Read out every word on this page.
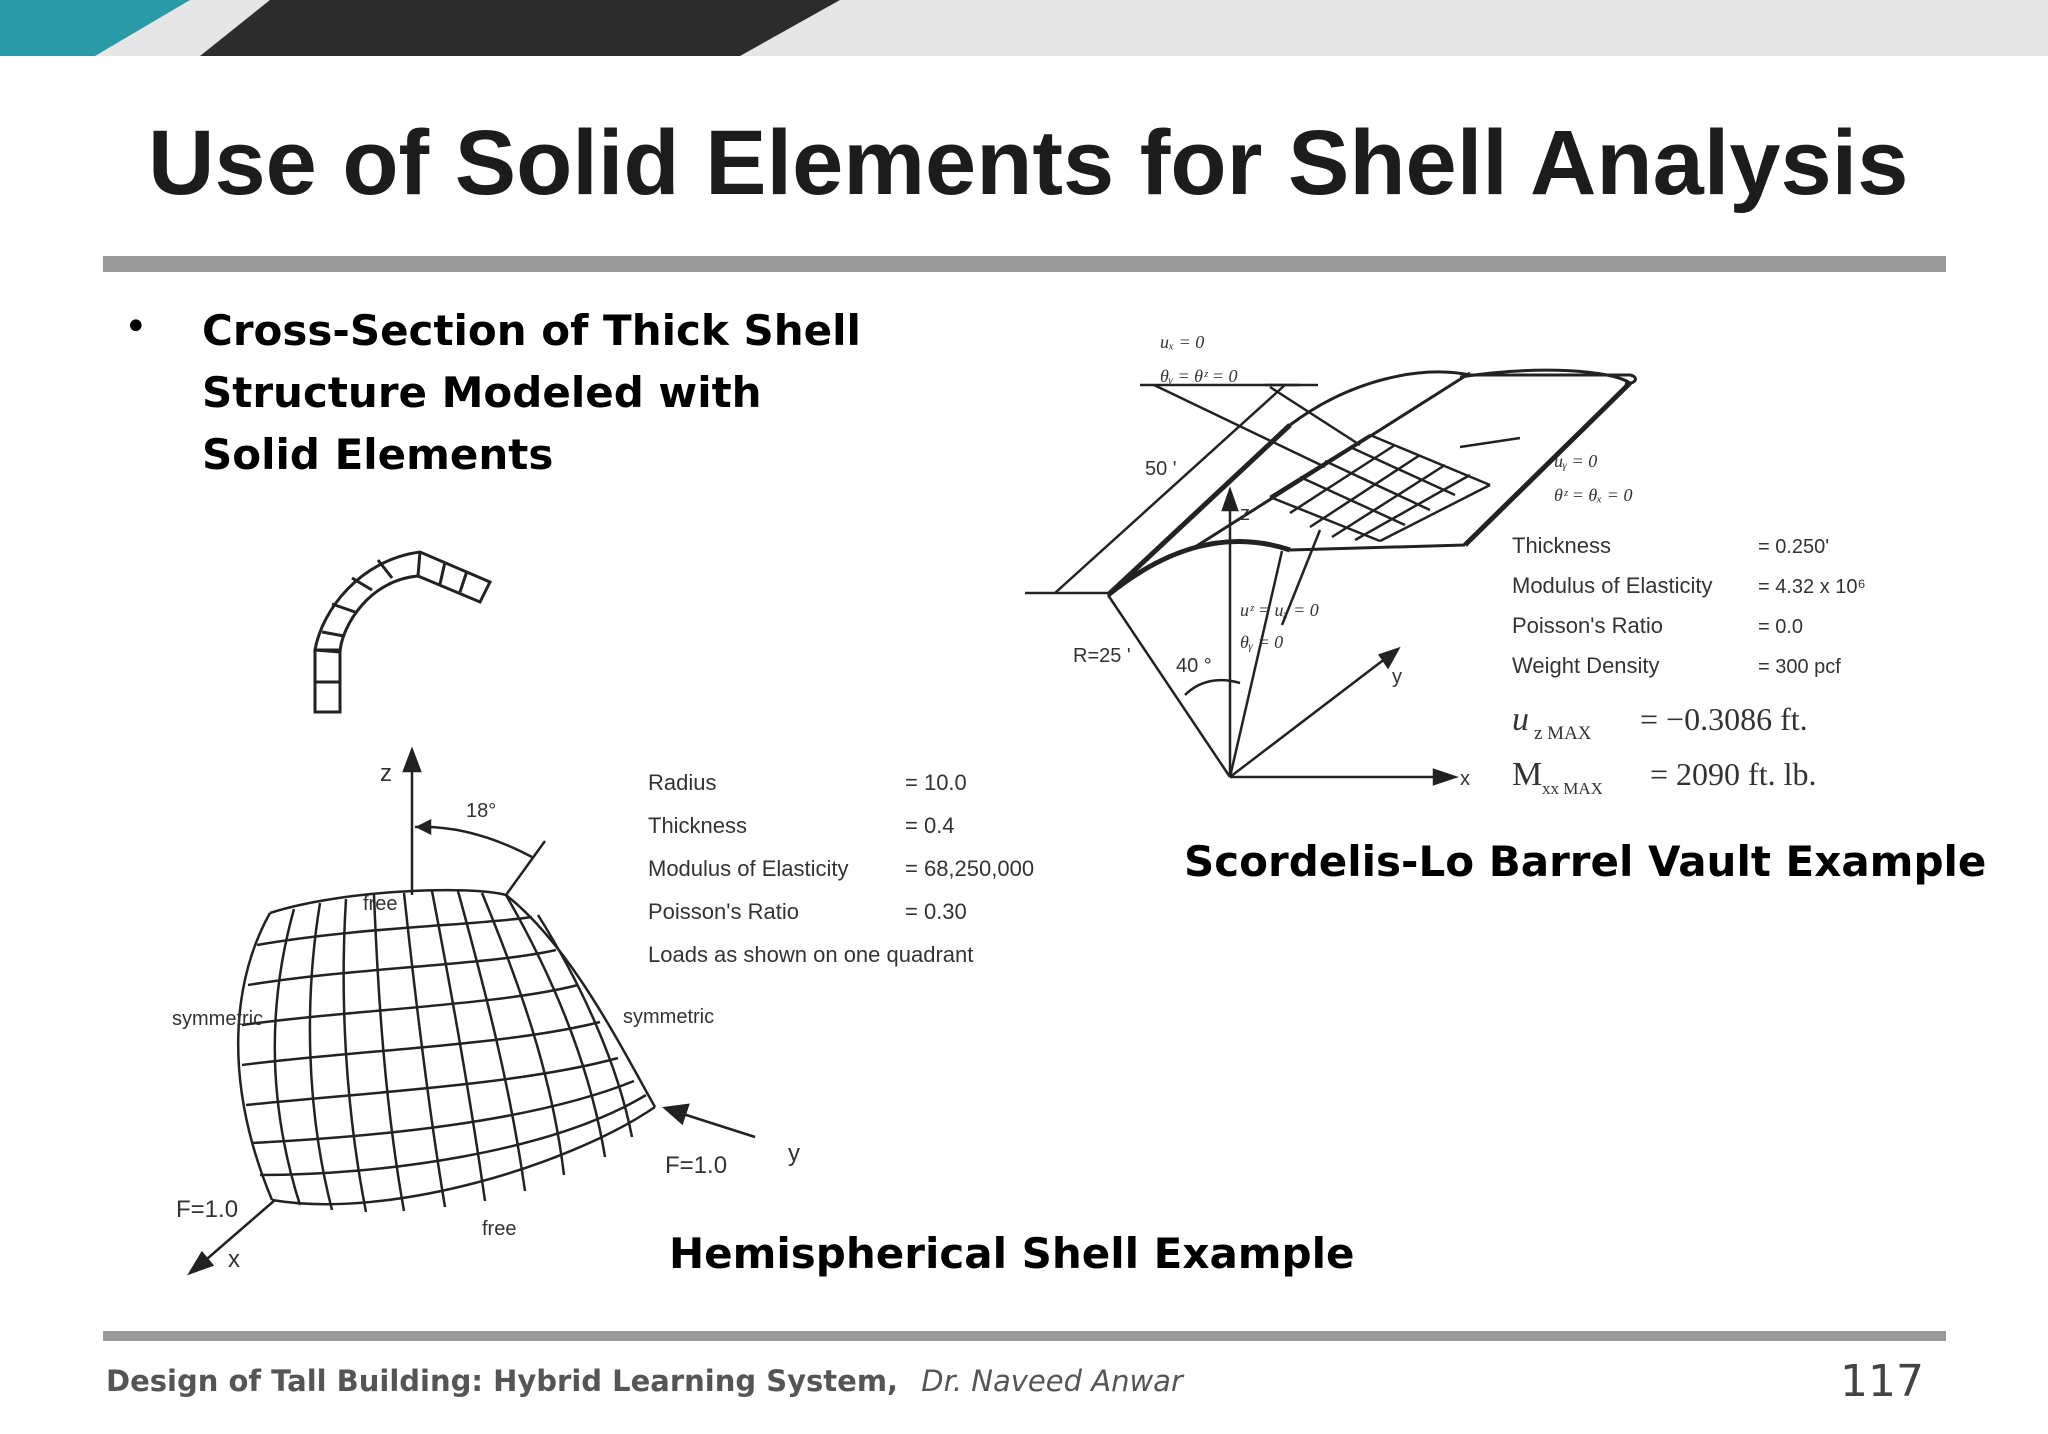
Use of Solid Elements for Shell Analysis
• Cross-Section of Thick Shell Structure Modeled with Solid Elements
z
18°
free
symmetric	symmetric
F=1.0	y
F=1.0
free
x
Radius	= 10.0
Thickness	= 0.4
Modulus of Elasticity	= 68,250,000
Poisson's Ratio	= 0.30
Loads as shown on one quadrant
uₓ = 0
θᵧ = θᶻ = 0
uᵧ = 0
θᶻ = θₓ = 0
uᶻ = uₓ = 0
θᵧ = 0
50 '
z
R=25 ' 40 °	y
x
Thickness	= 0.250'
Modulus of Elasticity = 4.32 x 10⁶
Poisson's Ratio	= 0.0
Weight Density	= 300 pcf
u z MAX = −0.3086 ft.
M xx MAX = 2090 ft. lb.
Scordelis-Lo Barrel Vault Example
Hemispherical Shell Example
Design of Tall Building: Hybrid Learning System, Dr. Naveed Anwar	117
